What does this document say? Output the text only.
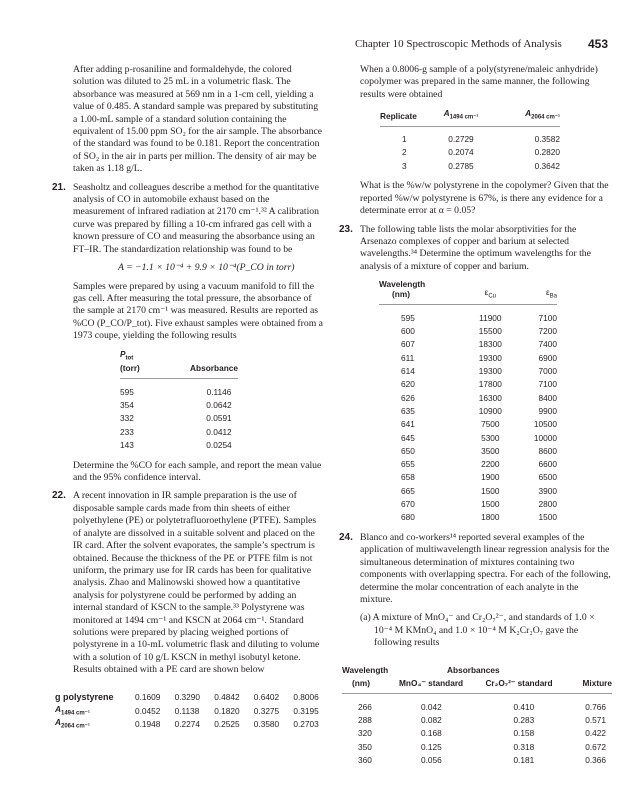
Chapter 10 Spectroscopic Methods of Analysis 453
After adding p-rosaniline and formaldehyde, the colored solution was diluted to 25 mL in a volumetric flask. The absorbance was measured at 569 nm in a 1-cm cell, yielding a value of 0.485. A standard sample was prepared by substituting a 1.00-mL sample of a standard solution containing the equivalent of 15.00 ppm SO₂ for the air sample. The absorbance of the standard was found to be 0.181. Report the concentration of SO₂ in the air in parts per million. The density of air may be taken as 1.18 g/L.
21. Seasholtz and colleagues describe a method for the quantitative analysis of CO in automobile exhaust based on the measurement of infrared radiation at 2170 cm⁻¹.³² A calibration curve was prepared by filling a 10-cm infrared gas cell with a known pressure of CO and measuring the absorbance using an FT–IR. The standardization relationship was found to be
A = −1.1 × 10⁻⁴ + 9.9 × 10⁻⁴(P_CO in torr)
Samples were prepared by using a vacuum manifold to fill the gas cell. After measuring the total pressure, the absorbance of the sample at 2170 cm⁻¹ was measured. Results are reported as %CO (P_CO/P_tot). Five exhaust samples were obtained from a 1973 coupe, yielding the following results
$P_{tot}$
(torr)	Absorbance
595	0.1146
354	0.0642
332	0.0591
233	0.0412
143	0.0254
Determine the %CO for each sample, and report the mean value and the 95% confidence interval.
22. A recent innovation in IR sample preparation is the use of disposable sample cards made from thin sheets of either polyethylene (PE) or polytetrafluoroethylene (PTFE). Samples of analyte are dissolved in a suitable solvent and placed on the IR card. After the solvent evaporates, the sample’s spectrum is obtained. Because the thickness of the PE or PTFE film is not uniform, the primary use for IR cards has been for qualitative analysis. Zhao and Malinowski showed how a quantitative analysis for polystyrene could be performed by adding an internal standard of KSCN to the sample.³³ Polystyrene was monitored at 1494 cm⁻¹ and KSCN at 2064 cm⁻¹. Standard solutions were prepared by placing weighed portions of polystyrene in a 10-mL volumetric flask and diluting to volume with a solution of 10 g/L KSCN in methyl isobutyl ketone. Results obtained with a PE card are shown below
g polystyrene	0.1609	0.3290	0.4842	0.6402	0.8006
$A_{1494 cm^{-1}}$	0.0452	0.1138	0.1820	0.3275	0.3195
$A_{2064 cm^{-1}}$	0.1948	0.2274	0.2525	0.3580	0.2703
When a 0.8006-g sample of a poly(styrene/maleic anhydride) copolymer was prepared in the same manner, the following results were obtained
Replicate	$A_{1494 cm^{-1}}$	$A_{2064 cm^{-1}}$
1	0.2729	0.3582
2	0.2074	0.2820
3	0.2785	0.3642
What is the %w/w polystyrene in the copolymer? Given that the reported %w/w polystyrene is 67%, is there any evidence for a determinate error at α = 0.05?
23. The following table lists the molar absorptivities for the Arsenazo complexes of copper and barium at selected wavelengths.³⁴ Determine the optimum wavelengths for the analysis of a mixture of copper and barium.
Wavelength
(nm)	$\varepsilon_{Cu}$	$\varepsilon_{Ba}$
595	11900	7100
600	15500	7200
607	18300	7400
611	19300	6900
614	19300	7000
620	17800	7100
626	16300	8400
635	10900	9900
641	7500	10500
645	5300	10000
650	3500	8600
655	2200	6600
658	1900	6500
665	1500	3900
670	1500	2800
680	1800	1500
24. Blanco and co-workers¹⁴ reported several examples of the application of multiwavelength linear regression analysis for the simultaneous determination of mixtures containing two components with overlapping spectra. For each of the following, determine the molar concentration of each analyte in the mixture.
(a) A mixture of MnO₄⁻ and Cr₂O₇²⁻, and standards of 1.0 × 10⁻⁴ M KMnO₄ and 1.0 × 10⁻⁴ M K₂Cr₂O₇ gave the following results
Wavelength	Absorbances		
(nm)	MnO₄⁻ standard	Cr₂O₇²⁻ standard	Mixture
266	0.042	0.410	0.766
288	0.082	0.283	0.571
320	0.168	0.158	0.422
350	0.125	0.318	0.672
360	0.056	0.181	0.366
